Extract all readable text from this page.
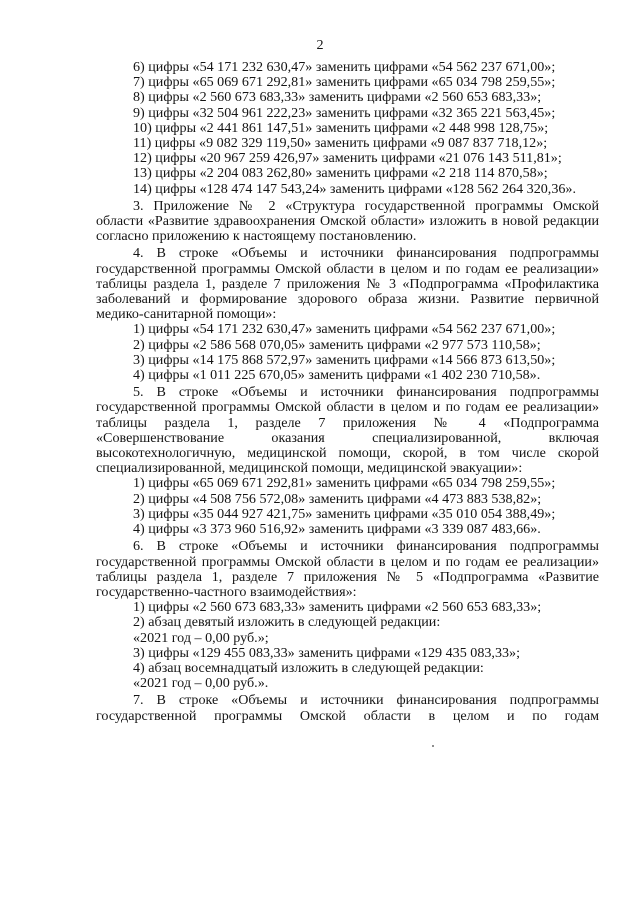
2

6) цифры «54 171 232 630,47» заменить цифрами «54 562 237 671,00»;

7) цифры «65 069 671 292,81» заменить цифрами «65 034 798 259,55»;

8) цифры «2 560 673 683,33» заменить цифрами «2 560 653 683,33»;

9) цифры «32 504 961 222,23» заменить цифрами «32 365 221 563,45»;

10) цифры «2 441 861 147,51» заменить цифрами «2 448 998 128,75»;

11) цифры «9 082 329 119,50» заменить цифрами «9 087 837 718,12»;

12) цифры «20 967 259 426,97» заменить цифрами «21 076 143 511,81»;

13) цифры «2 204 083 262,80» заменить цифрами «2 218 114 870,58»;

14) цифры «128 474 147 543,24» заменить цифрами «128 562 264 320,36».

3. Приложение № 2 «Структура государственной программы Омской области «Развитие здравоохранения Омской области» изложить в новой редакции согласно приложению к настоящему постановлению.

4. В строке «Объемы и источники финансирования подпрограммы государственной программы Омской области в целом и по годам ее реализации» таблицы раздела 1, разделе 7 приложения № 3 «Подпрограмма «Профилактика заболеваний и формирование здорового образа жизни. Развитие первичной медико-санитарной помощи»:

1) цифры «54 171 232 630,47» заменить цифрами «54 562 237 671,00»;

2) цифры «2 586 568 070,05» заменить цифрами «2 977 573 110,58»;

3) цифры «14 175 868 572,97» заменить цифрами «14 566 873 613,50»;

4) цифры «1 011 225 670,05» заменить цифрами «1 402 230 710,58».

5. В строке «Объемы и источники финансирования подпрограммы государственной программы Омской области в целом и по годам ее реализации» таблицы раздела 1, разделе 7 приложения № 4 «Подпрограмма «Совершенствование оказания специализированной, включая высокотехнологичную, медицинской помощи, скорой, в том числе скорой специализированной, медицинской помощи, медицинской эвакуации»:

1) цифры «65 069 671 292,81» заменить цифрами «65 034 798 259,55»;

2) цифры «4 508 756 572,08» заменить цифрами «4 473 883 538,82»;

3) цифры «35 044 927 421,75» заменить цифрами «35 010 054 388,49»;

4) цифры «3 373 960 516,92» заменить цифрами «3 339 087 483,66».

6. В строке «Объемы и источники финансирования подпрограммы государственной программы Омской области в целом и по годам ее реализации» таблицы раздела 1, разделе 7 приложения № 5 «Подпрограмма «Развитие государственно-частного взаимодействия»:

1) цифры «2 560 673 683,33» заменить цифрами «2 560 653 683,33»;

2) абзац девятый изложить в следующей редакции:

«2021 год – 0,00 руб.»;

3) цифры «129 455 083,33» заменить цифрами «129 435 083,33»;

4) абзац восемнадцатый изложить в следующей редакции:

«2021 год – 0,00 руб.».

7. В строке «Объемы и источники финансирования подпрограммы государственной программы Омской области в целом и по годам
